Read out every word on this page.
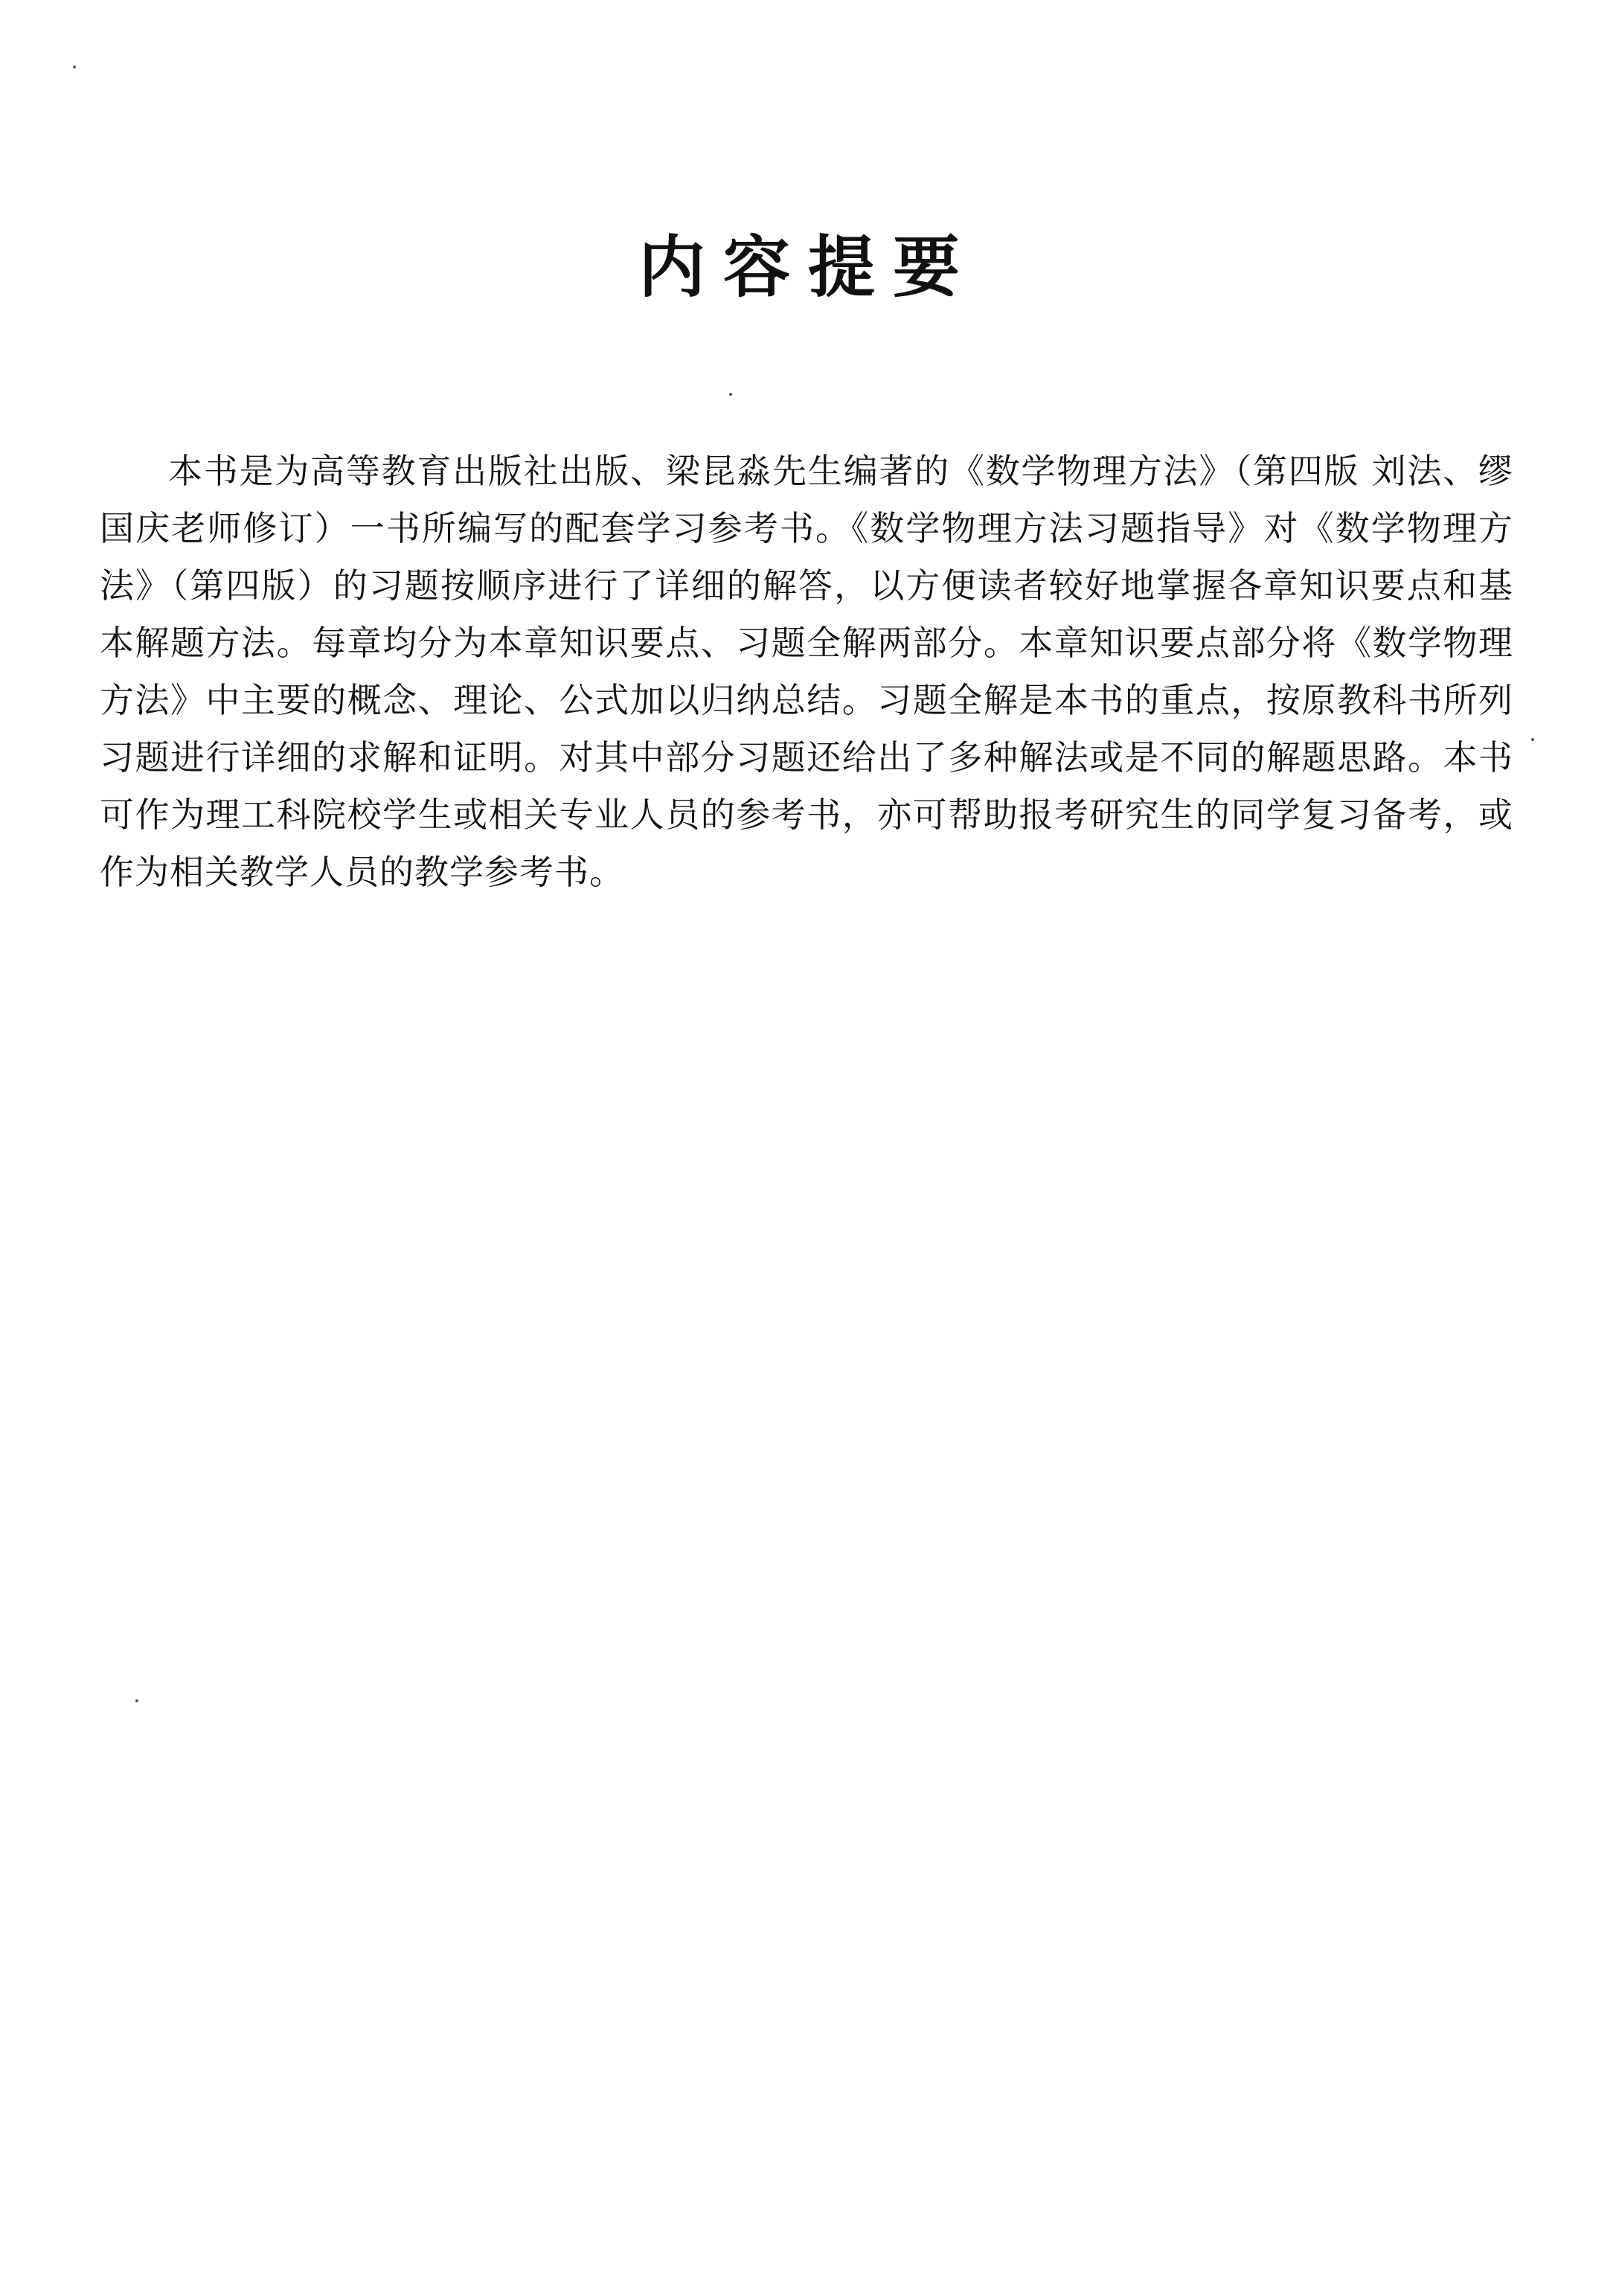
内容提要

本书是为高等教育出版社出版、梁昆淼先生编著的《数学物理方法》（第四版 刘法、缪国庆老师修订）一书所编写的配套学习参考书。《数学物理方法习题指导》对《数学物理方法》（第四版）的习题按顺序进行了详细的解答，以方便读者较好地掌握各章知识要点和基本解题方法。每章均分为本章知识要点、习题全解两部分。本章知识要点部分将《数学物理方法》中主要的概念、理论、公式加以归纳总结。习题全解是本书的重点，按原教科书所列习题进行详细的求解和证明。对其中部分习题还给出了多种解法或是不同的解题思路。本书可作为理工科院校学生或相关专业人员的参考书，亦可帮助报考研究生的同学复习备考，或作为相关教学人员的教学参考书。
